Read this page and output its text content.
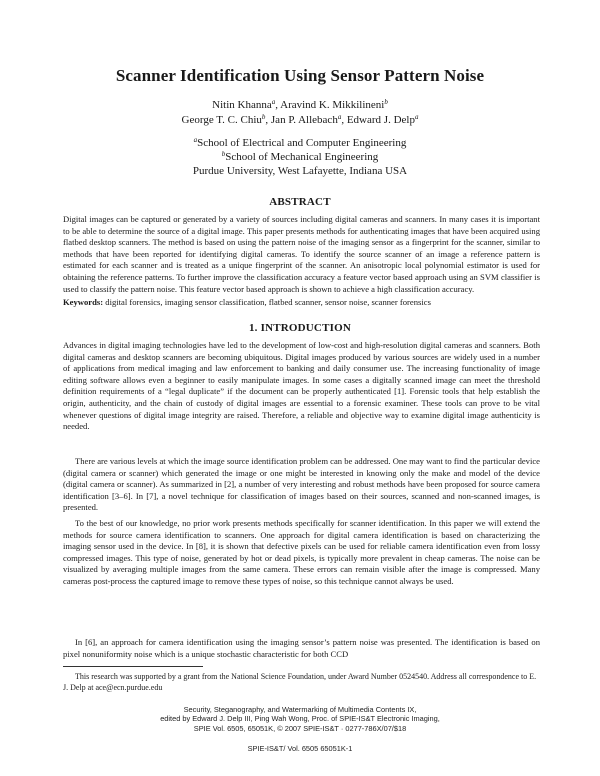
Scanner Identification Using Sensor Pattern Noise
Nitin Khanna$^a$, Aravind K. Mikkilineni$^b$
George T. C. Chiu$^b$, Jan P. Allebach$^a$, Edward J. Delp$^a$
$^a$School of Electrical and Computer Engineering
$^b$School of Mechanical Engineering
Purdue University, West Lafayette, Indiana USA
ABSTRACT

Digital images can be captured or generated by a variety of sources including digital cameras and scanners. In many cases it is important to be able to determine the source of a digital image. This paper presents methods for authenticating images that have been acquired using flatbed desktop scanners. The method is based on using the pattern noise of the imaging sensor as a fingerprint for the scanner, similar to methods that have been reported for identifying digital cameras. To identify the source scanner of an image a reference pattern is estimated for each scanner and is treated as a unique fingerprint of the scanner. An anisotropic local polynomial estimator is used for obtaining the reference patterns. To further improve the classification accuracy a feature vector based approach using an SVM classifier is used to classify the pattern noise. This feature vector based approach is shown to achieve a high classification accuracy.

Keywords: digital forensics, imaging sensor classification, flatbed scanner, sensor noise, scanner forensics

1. INTRODUCTION

Advances in digital imaging technologies have led to the development of low-cost and high-resolution digital cameras and scanners. Both digital cameras and desktop scanners are becoming ubiquitous. Digital images produced by various sources are widely used in a number of applications from medical imaging and law enforcement to banking and daily consumer use. The increasing functionality of image editing software allows even a beginner to easily manipulate images. In some cases a digitally scanned image can meet the threshold definition requirements of a “legal duplicate” if the document can be properly authenticated [1]. Forensic tools that help establish the origin, authenticity, and the chain of custody of digital images are essential to a forensic examiner. These tools can prove to be vital whenever questions of digital image integrity are raised. Therefore, a reliable and objective way to examine digital image authenticity is needed.

There are various levels at which the image source identification problem can be addressed. One may want to find the particular device (digital camera or scanner) which generated the image or one might be interested in knowing only the make and model of the device (digital camera or scanner). As summarized in [2], a number of very interesting and robust methods have been proposed for source camera identification [3–6]. In [7], a novel technique for classification of images based on their sources, scanned and non-scanned images, is presented.

To the best of our knowledge, no prior work presents methods specifically for scanner identification. In this paper we will extend the methods for source camera identification to scanners. One approach for digital camera identification is based on characterizing the imaging sensor used in the device. In [8], it is shown that defective pixels can be used for reliable camera identification even from lossy compressed images. This type of noise, generated by hot or dead pixels, is typically more prevalent in cheap cameras. The noise can be visualized by averaging multiple images from the same camera. These errors can remain visible after the image is compressed. Many cameras post-process the captured image to remove these types of noise, so this technique cannot always be used.

In [6], an approach for camera identification using the imaging sensor’s pattern noise was presented. The identification is based on pixel nonuniformity noise which is a unique stochastic characteristic for both CCD

This research was supported by a grant from the National Science Foundation, under Award Number 0524540. Address all correspondence to E. J. Delp at ace@ecn.purdue.edu

Security, Steganography, and Watermarking of Multimedia Contents IX,
edited by Edward J. Delp III, Ping Wah Wong, Proc. of SPIE-IS&T Electronic Imaging,
SPIE Vol. 6505, 65051K, © 2007 SPIE-IS&T · 0277-786X/07/$18
SPIE-IS&T/ Vol. 6505 65051K-1
